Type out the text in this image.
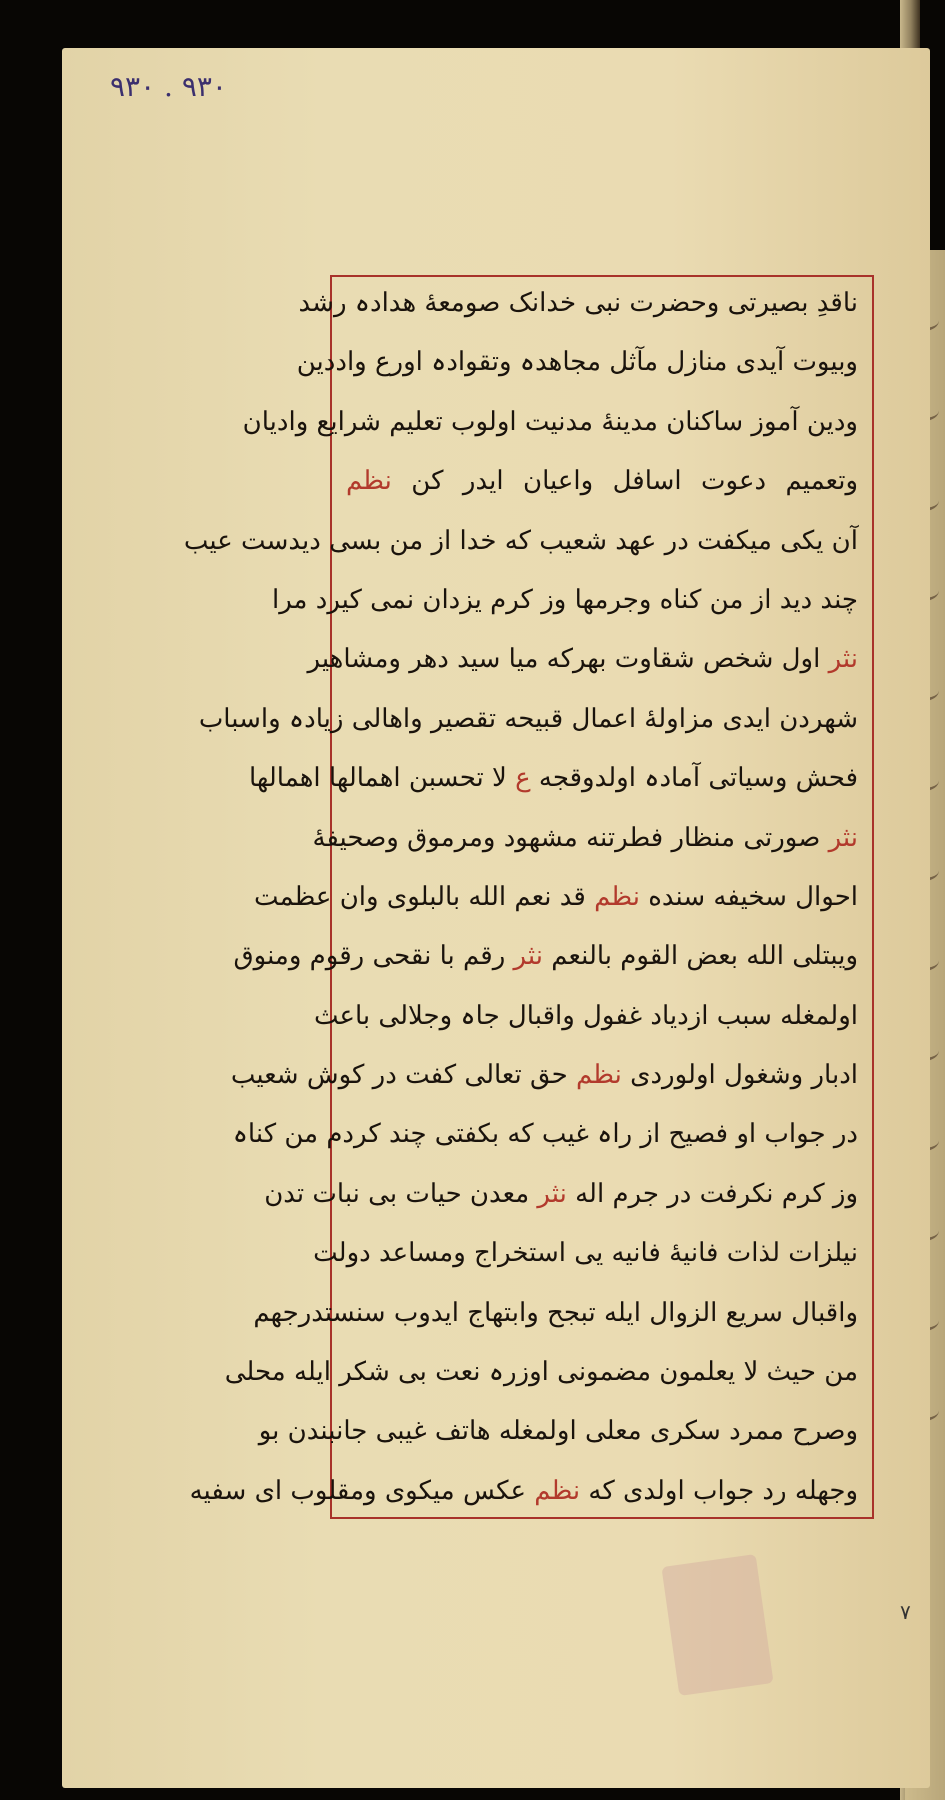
٩٣٠ . ٩٣٠
ناقدِ بصیرتی وحضرت نبی خدانک صومعۀ هدادہ رشد
وبیوت آیدی منازل مآثل مجاهدہ وتقوادہ اورع واددین
ودین آموز ساکنان مدینۀ مدنیت اولوب تعلیم شرایع وادیان
وتعمیم دعوت اسافل واعیان ایدر کن نظم
آن یکی میکفت در عهد شعیب که خدا از من بسی دیدست عیب
چند دید از من کناه وجرمها وز کرم یزدان نمی کیرد مرا
نثر اول شخص شقاوت بهرکه میا سید دهر ومشاهیر
شهردن ایدی مزاولۀ اعمال قبیحه تقصیر واهالی زیادہ واسباب
فحش وسیاتی آمادہ اولدوقجه ع لا تحسبن اهمالها اهمالها
نثر صورتی منظار فطرتنه مشهود ومرموق وصحیفۀ
احوال سخیفه سنده نظم قد نعم الله بالبلوی وان عظمت
ویبتلی الله بعض القوم بالنعم نثر رقم با نقحی رقوم ومنوق
اولمغله سبب ازدیاد غفول واقبال جاہ وجلالی باعث
ادبار وشغول اولوردی نظم حق تعالی کفت در کوش شعیب
در جواب او فصیح از راہ غیب که بکفتی چند کردم من کناہ
وز کرم نکرفت در جرم اله نثر معدن حیات بی نبات تدن
نیلزات لذات فانیۀ فانیه یی استخراج ومساعد دولت
واقبال سریع الزوال ایله تبجح وابتهاج ایدوب سنستدرجهم
من حیث لا یعلمون مضمونی اوزرہ نعت بی شکر ایله محلی
وصرح ممرد سکری معلی اولمغله هاتف غیبی جانبندن بو
وجهله رد جواب اولدی که نظم عکس میکوی ومقلوب ای سفیه
٧
